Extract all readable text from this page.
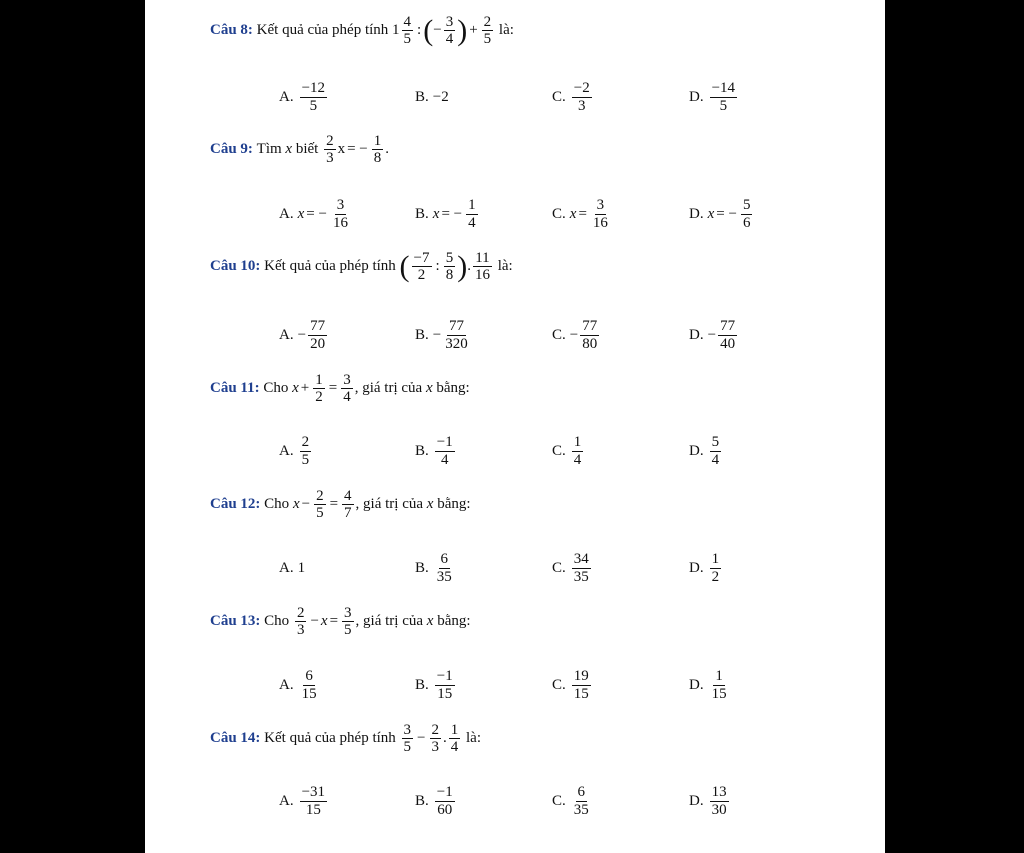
Câu 8:
Kết quả của phép tính
$1 \frac{4}{5}$ : ( − $\frac{3}{4}$ ) + $\frac{2}{5}$
là:
A. $\frac{-12}{5}$	B. −2	C. $\frac{-2}{3}$	D. $\frac{-14}{5}$
Câu 9:
Tìm
x
biết
$\frac{2}{3}$ x = − $\frac{1}{8}$ .
A. x = − $\frac{3}{16}$	B. x = − $\frac{1}{4}$	C. $x = \frac{3}{16}$	D. x = − $\frac{5}{6}$
Câu 10:
Kết quả của phép tính
( $\frac{-7}{2}$ : $\frac{5}{8}$ ) . $\frac{11}{16}$
là:
A. − $\frac{77}{20}$	B. − $\frac{77}{320}$	C. − $\frac{77}{80}$	D. − $\frac{77}{40}$
Câu 11:
Cho
$x + \frac{1}{2} = \frac{3}{4}$ , giá trị của
x
bằng:
A. $\frac{2}{5}$	B. $\frac{-1}{4}$	C. $\frac{1}{4}$	D. $\frac{5}{4}$
Câu 12:
Cho
$x - \frac{2}{5} = \frac{4}{7}$ , giá trị của
x
bằng:
A. 1	B. $\frac{6}{35}$	C. $\frac{34}{35}$	D. $\frac{1}{2}$
Câu 13:
Cho
$\frac{2}{3} - x = \frac{3}{5}$ , giá trị của
x
bằng:
A. $\frac{6}{15}$	B. $\frac{-1}{15}$	C. $\frac{19}{15}$	D. $\frac{1}{15}$
Câu 14:
Kết quả của phép tính
$\frac{3}{5} - \frac{2}{3}$ . $\frac{1}{4}$
là:
A. $\frac{-31}{15}$	B. $\frac{-1}{60}$	C. $\frac{6}{35}$	D. $\frac{13}{30}$
